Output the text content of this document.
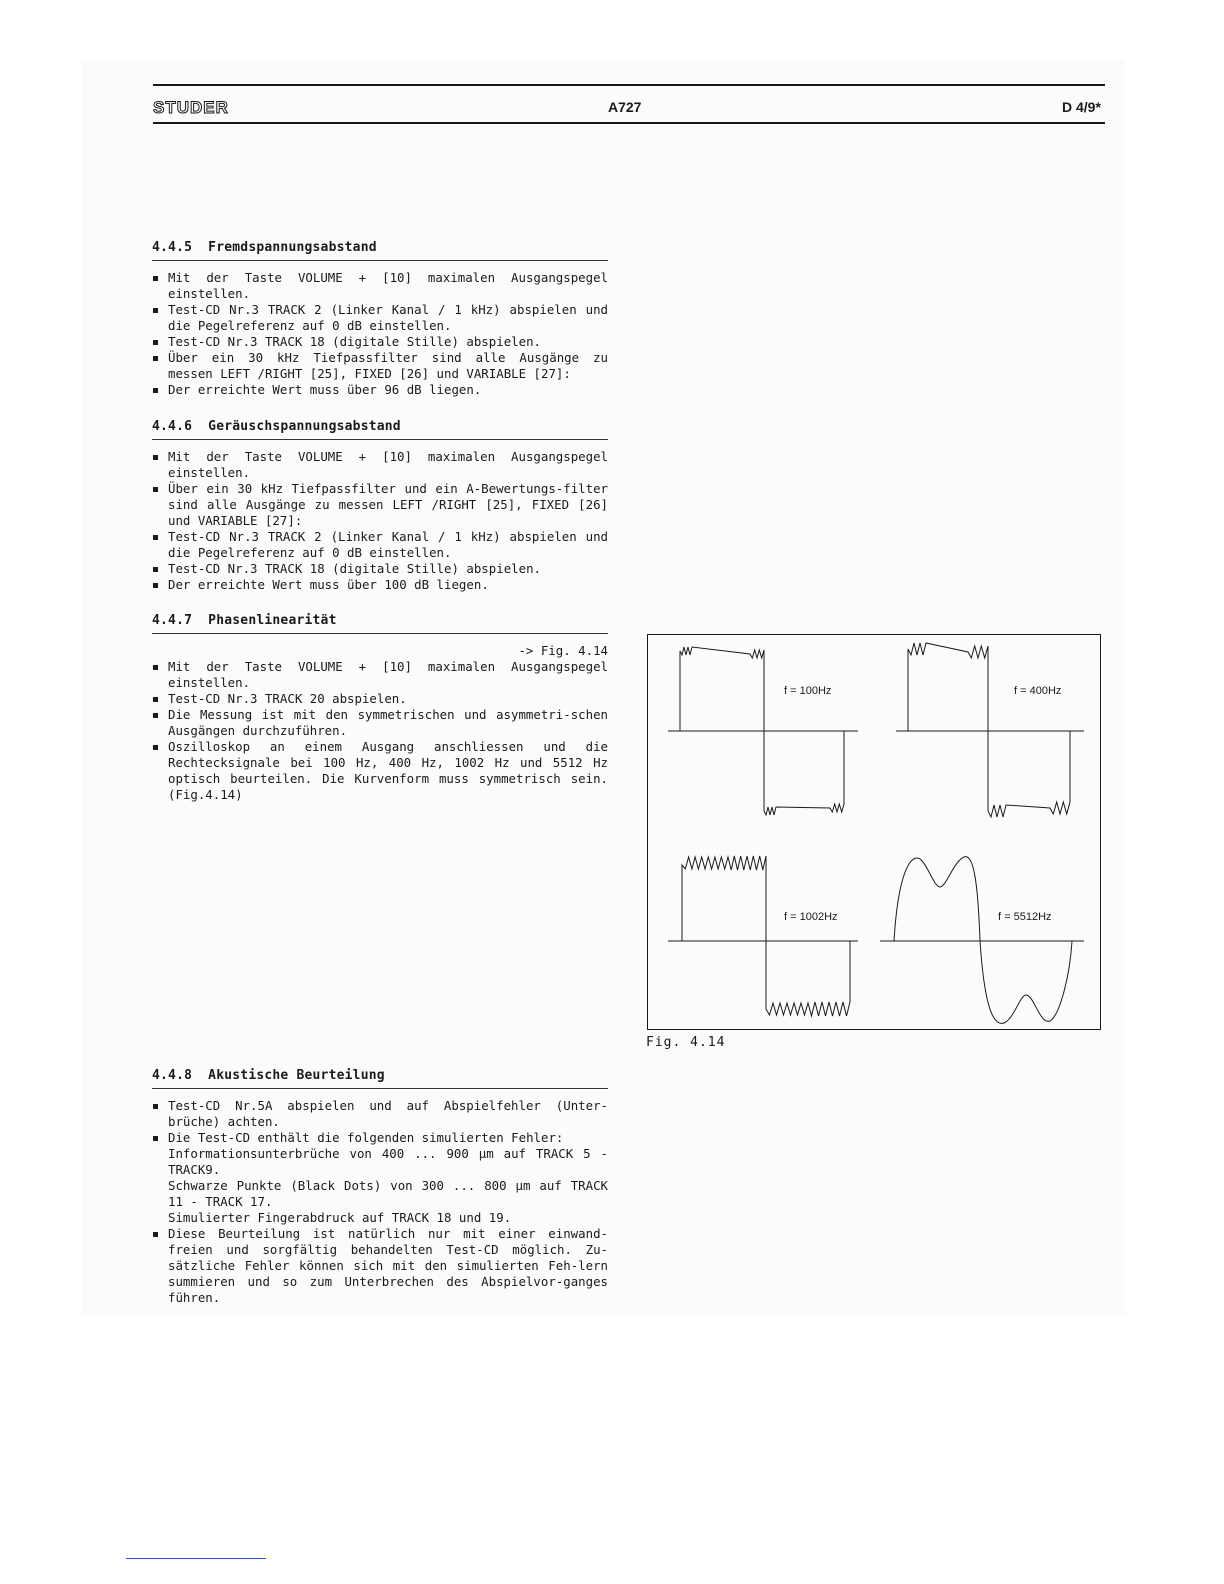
STUDER	A727	D 4/9*
4.4.5  Fremdspannungsabstand
Mit der Taste VOLUME + [10] maximalen Ausgangspegel einstellen.
Test-CD Nr.3 TRACK 2 (Linker Kanal / 1 kHz) abspielen und die Pegelreferenz auf 0 dB einstellen.
Test-CD Nr.3 TRACK 18 (digitale Stille) abspielen.
Über ein 30 kHz Tiefpassfilter sind alle Ausgänge zu messen LEFT /RIGHT [25], FIXED [26] und VARIABLE [27]:
Der erreichte Wert muss über 96 dB liegen.
4.4.6  Geräuschspannungsabstand
Mit der Taste VOLUME + [10] maximalen Ausgangspegel einstellen.
Über ein 30 kHz Tiefpassfilter und ein A-Bewertungs-filter sind alle Ausgänge zu messen LEFT /RIGHT [25], FIXED [26] und VARIABLE [27]:
Test-CD Nr.3 TRACK 2 (Linker Kanal / 1 kHz) abspielen und die Pegelreferenz auf 0 dB einstellen.
Test-CD Nr.3 TRACK 18 (digitale Stille) abspielen.
Der erreichte Wert muss über 100 dB liegen.
4.4.7  Phasenlinearität
-> Fig. 4.14
Mit der Taste VOLUME + [10] maximalen Ausgangspegel einstellen.
Test-CD Nr.3 TRACK 20 abspielen.
Die Messung ist mit den symmetrischen und asymmetri-schen Ausgängen durchzuführen.
Oszilloskop an einem Ausgang anschliessen und die Rechtecksignale bei 100 Hz, 400 Hz, 1002 Hz und 5512 Hz optisch beurteilen. Die Kurvenform muss symmetrisch sein. (Fig.4.14)
f = 100Hz	f = 400Hz
f = 1002Hz	f = 5512Hz
Fig. 4.14
4.4.8  Akustische Beurteilung
Test-CD Nr.5A abspielen und auf Abspielfehler (Unter-brüche) achten.
Die Test-CD enthält die folgenden simulierten Fehler:
Informationsunterbrüche von 400 ... 900 µm auf TRACK 5 - TRACK9.
Schwarze Punkte (Black Dots) von 300 ... 800 µm auf TRACK 11 - TRACK 17.
Simulierter Fingerabdruck auf TRACK 18 und 19.
Diese Beurteilung ist natürlich nur mit einer einwand-freien und sorgfältig behandelten Test-CD möglich. Zu-sätzliche Fehler können sich mit den simulierten Feh-lern summieren und so zum Unterbrechen des Abspielvor-ganges führen.
